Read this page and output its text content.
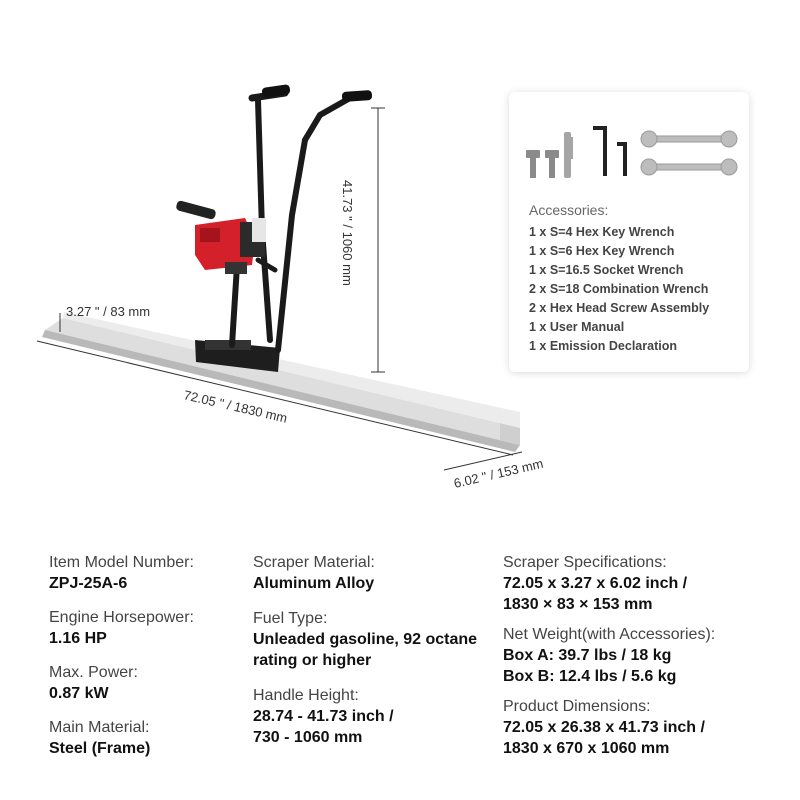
41.73 " / 1060 mm
3.27 " / 83 mm
72.05 " / 1830 mm
6.02 " / 153 mm
Accessories:
1 x S=4 Hex Key Wrench
1 x S=6 Hex Key Wrench
1 x S=16.5 Socket Wrench
2 x S=18 Combination Wrench
2 x Hex Head Screw Assembly
1 x User Manual
1 x Emission Declaration
Item Model Number:
ZPJ-25A-6
Engine Horsepower:
1.16 HP
Max. Power:
0.87 kW
Main Material:
Steel (Frame)
Scraper Material:
Aluminum Alloy
Fuel Type:
Unleaded gasoline, 92 octane rating or higher
Handle Height:
28.74 - 41.73 inch /
730 - 1060 mm
Scraper Specifications:
72.05 x 3.27 x 6.02 inch /
1830 × 83 × 153 mm
Net Weight(with Accessories):
Box A: 39.7 lbs / 18 kg
Box B: 12.4 lbs / 5.6 kg
Product Dimensions:
72.05 x 26.38 x 41.73 inch /
1830 x 670 x 1060 mm
